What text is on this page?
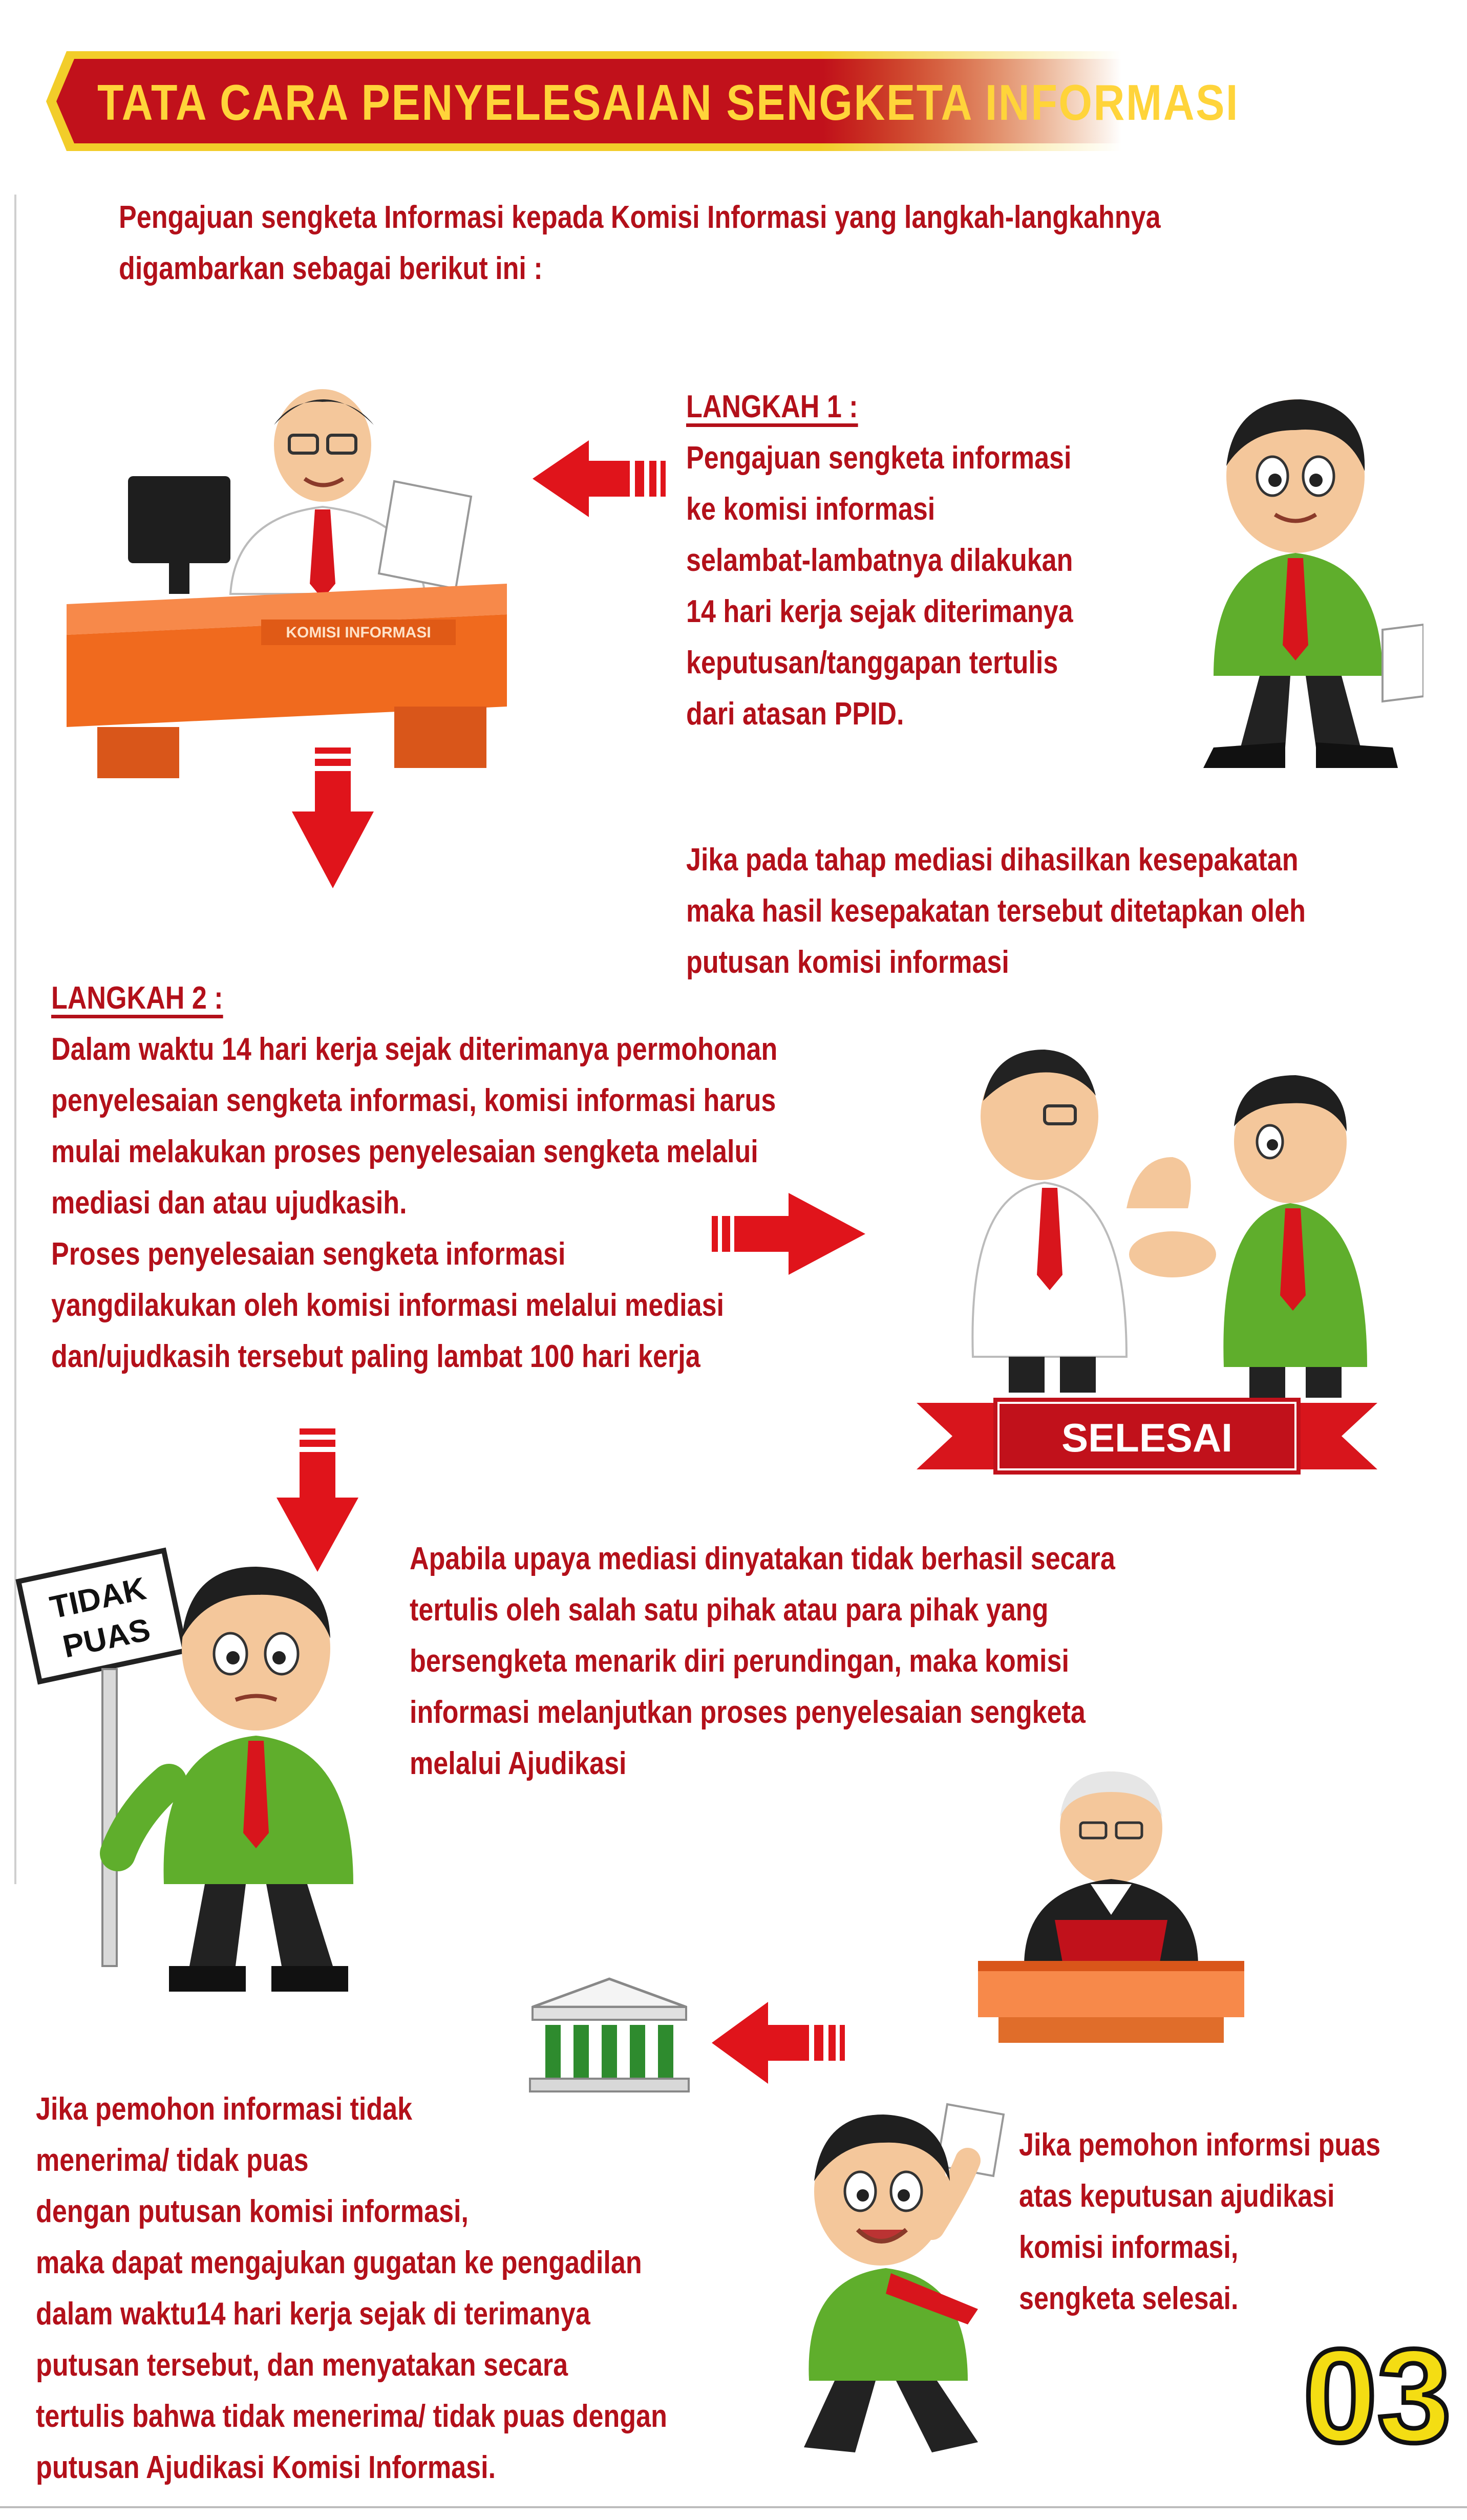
TATA CARA PENYELESAIAN SENGKETA INFORMASI
Pengajuan sengketa Informasi kepada Komisi Informasi yang langkah-langkahnya
digambarkan sebagai berikut ini :
KOMISI INFORMASI
LANGKAH 1 :
Pengajuan sengketa informasi
ke komisi informasi
selambat-lambatnya dilakukan
14 hari kerja sejak diterimanya
keputusan/tanggapan tertulis
dari atasan PPID.
Jika pada tahap mediasi dihasilkan kesepakatan
maka hasil kesepakatan tersebut ditetapkan oleh
putusan komisi informasi
LANGKAH 2 :
Dalam waktu 14 hari kerja sejak diterimanya permohonan
penyelesaian sengketa informasi, komisi informasi harus
mulai melakukan proses penyelesaian sengketa melalui
mediasi dan atau ujudkasih.
Proses penyelesaian sengketa informasi
yangdilakukan oleh komisi informasi melalui mediasi
dan/ujudkasih tersebut paling lambat 100 hari kerja
SELESAI
TIDAK
PUAS
Apabila upaya mediasi dinyatakan tidak berhasil secara
tertulis oleh salah satu pihak atau para pihak yang
bersengketa menarik diri perundingan, maka komisi
informasi melanjutkan proses penyelesaian sengketa
melalui Ajudikasi
Jika pemohon informasi tidak
menerima/ tidak puas
dengan putusan komisi informasi,
maka dapat mengajukan gugatan ke pengadilan
dalam waktu14 hari kerja sejak di terimanya
putusan tersebut, dan menyatakan secara
tertulis bahwa tidak menerima/ tidak puas dengan
putusan Ajudikasi Komisi Informasi.
Jika pemohon informsi puas
atas keputusan ajudikasi
komisi informasi,
sengketa selesai.
03
